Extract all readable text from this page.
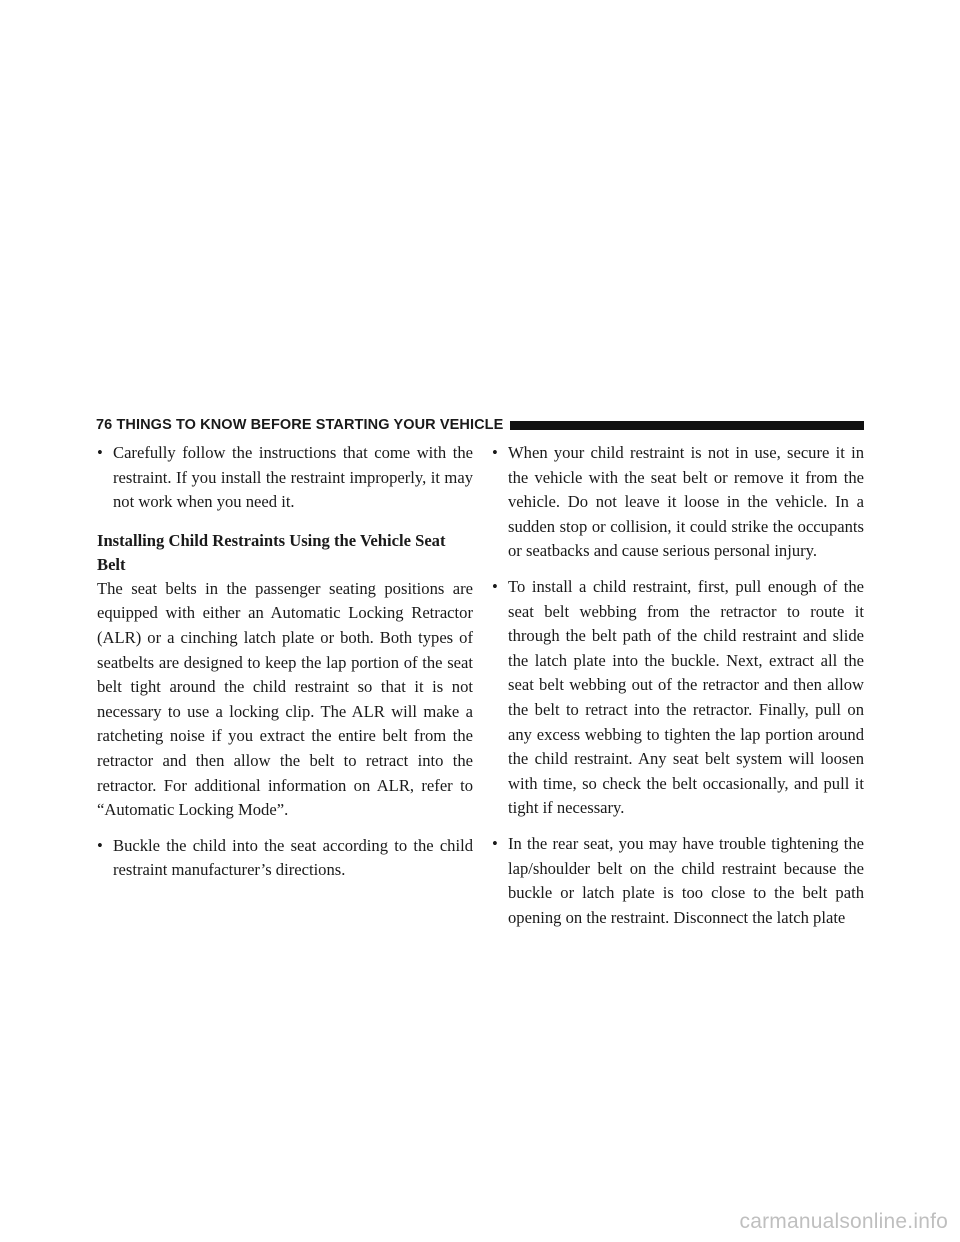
76 THINGS TO KNOW BEFORE STARTING YOUR VEHICLE
• Carefully follow the instructions that come with the restraint. If you install the restraint improperly, it may not work when you need it.
Installing Child Restraints Using the Vehicle Seat Belt
The seat belts in the passenger seating positions are equipped with either an Automatic Locking Retractor (ALR) or a cinching latch plate or both. Both types of seatbelts are designed to keep the lap portion of the seat belt tight around the child restraint so that it is not necessary to use a locking clip. The ALR will make a ratcheting noise if you extract the entire belt from the retractor and then allow the belt to retract into the retractor. For additional information on ALR, refer to “Automatic Locking Mode”.
• Buckle the child into the seat according to the child restraint manufacturer’s directions.
• When your child restraint is not in use, secure it in the vehicle with the seat belt or remove it from the vehicle. Do not leave it loose in the vehicle. In a sudden stop or collision, it could strike the occupants or seatbacks and cause serious personal injury.
• To install a child restraint, first, pull enough of the seat belt webbing from the retractor to route it through the belt path of the child restraint and slide the latch plate into the buckle. Next, extract all the seat belt webbing out of the retractor and then allow the belt to retract into the retractor. Finally, pull on any excess webbing to tighten the lap portion around the child restraint. Any seat belt system will loosen with time, so check the belt occasionally, and pull it tight if necessary.
• In the rear seat, you may have trouble tightening the lap/shoulder belt on the child restraint because the buckle or latch plate is too close to the belt path opening on the restraint. Disconnect the latch plate
carmanualsonline.info
